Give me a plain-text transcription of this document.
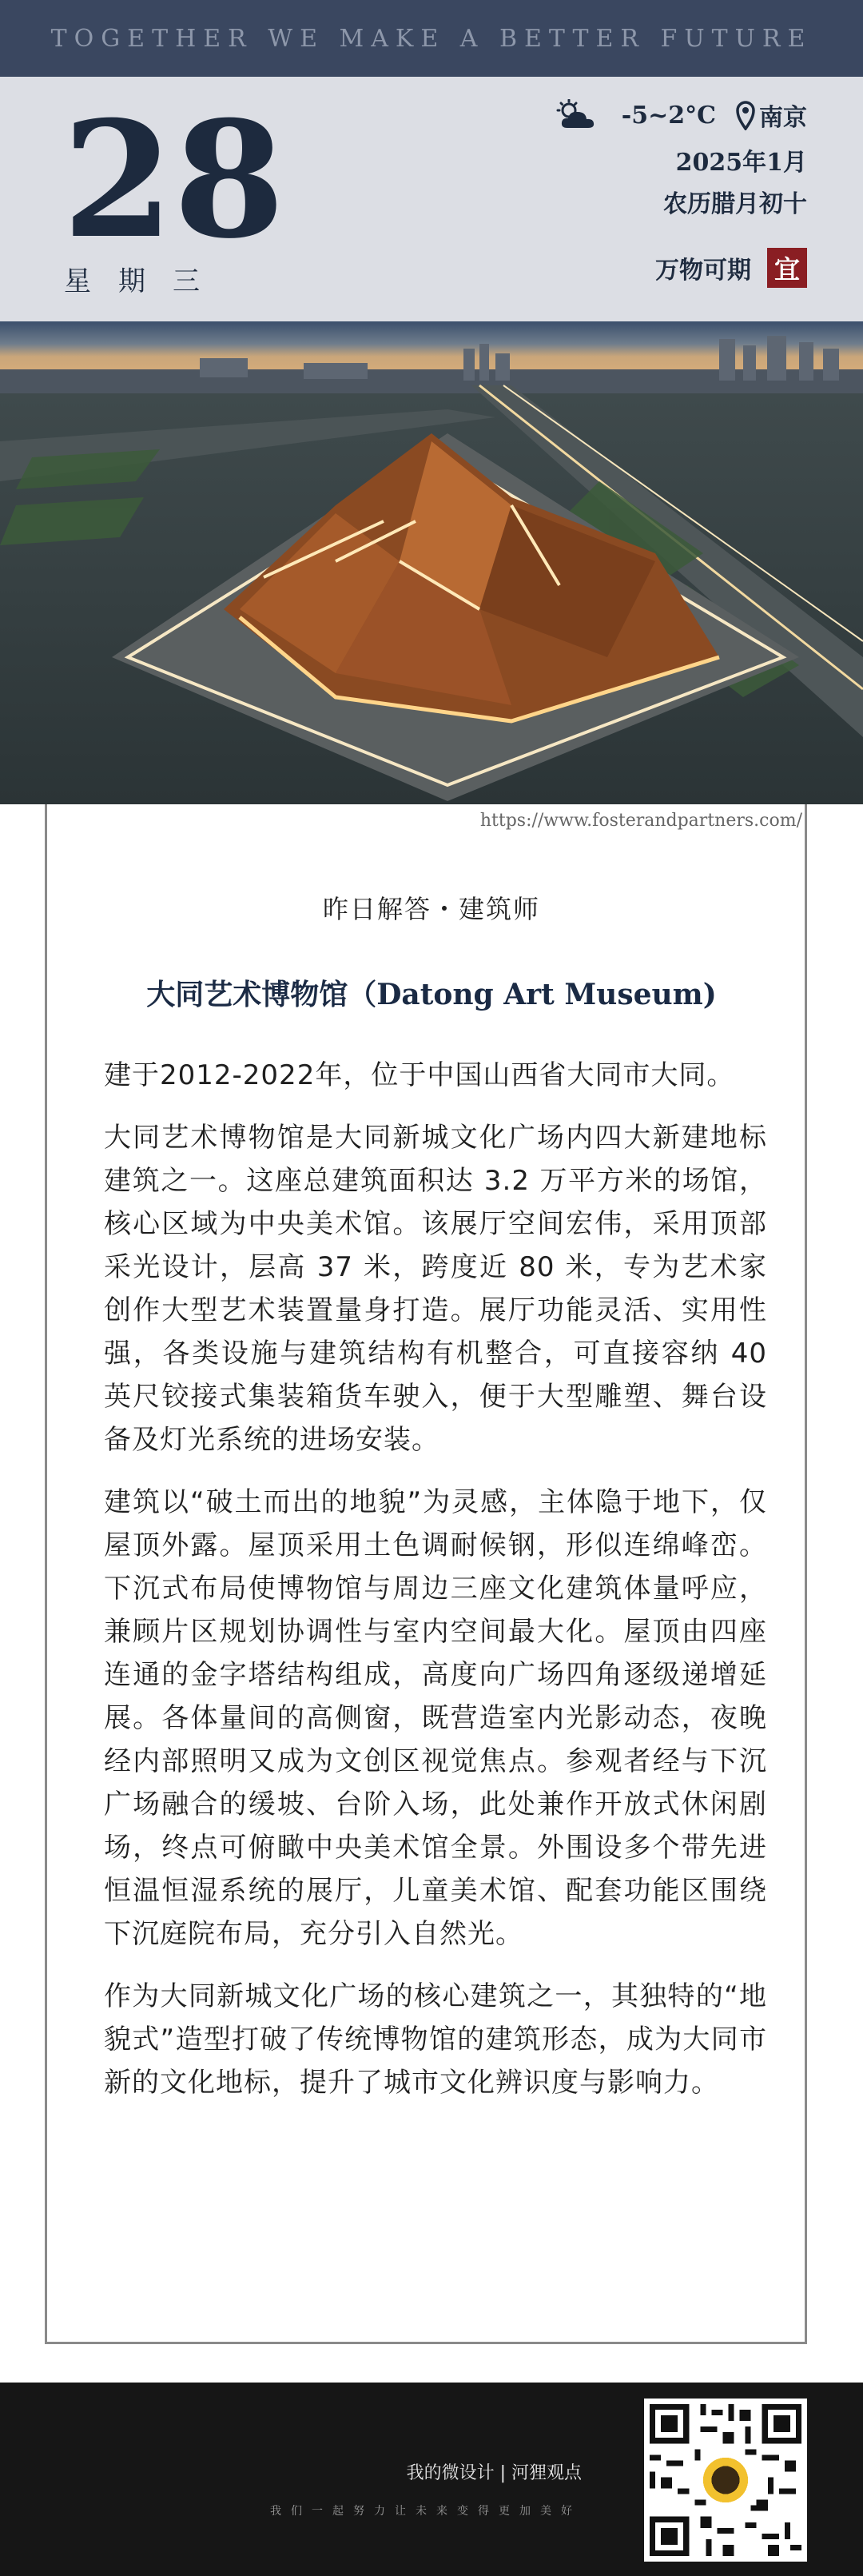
TOGETHER WE MAKE A BETTER FUTURE
28
星期三
-5~2°C 南京
2025年1月
农历腊月初十
万物可期 宜
https://www.fosterandpartners.com/
昨日解答・建筑师
大同艺术博物馆（Datong Art Museum)

建于2012-2022年，位于中国山西省大同市大同。

大同艺术博物馆是大同新城文化广场内四大新建地标建筑之一。这座总建筑面积达 3.2 万平方米的场馆，核心区域为中央美术馆。该展厅空间宏伟，采用顶部采光设计，层高 37 米，跨度近 80 米，专为艺术家创作大型艺术装置量身打造。展厅功能灵活、实用性强，各类设施与建筑结构有机整合，可直接容纳 40 英尺铰接式集装箱货车驶入，便于大型雕塑、舞台设备及灯光系统的进场安装。

建筑以“破土而出的地貌”为灵感，主体隐于地下，仅屋顶外露。屋顶采用土色调耐候钢，形似连绵峰峦。下沉式布局使博物馆与周边三座文化建筑体量呼应，兼顾片区规划协调性与室内空间最大化。屋顶由四座连通的金字塔结构组成，高度向广场四角逐级递增延展。各体量间的高侧窗，既营造室内光影动态，夜晚经内部照明又成为文创区视觉焦点。参观者经与下沉广场融合的缓坡、台阶入场，此处兼作开放式休闲剧场，终点可俯瞰中央美术馆全景。外围设多个带先进恒温恒湿系统的展厅，儿童美术馆、配套功能区围绕下沉庭院布局，充分引入自然光。

作为大同新城文化广场的核心建筑之一，其独特的“地貌式”造型打破了传统博物馆的建筑形态，成为大同市新的文化地标，提升了城市文化辨识度与影响力。

我的微设计 | 河狸观点
我们一起努力让未来变得更加美好
